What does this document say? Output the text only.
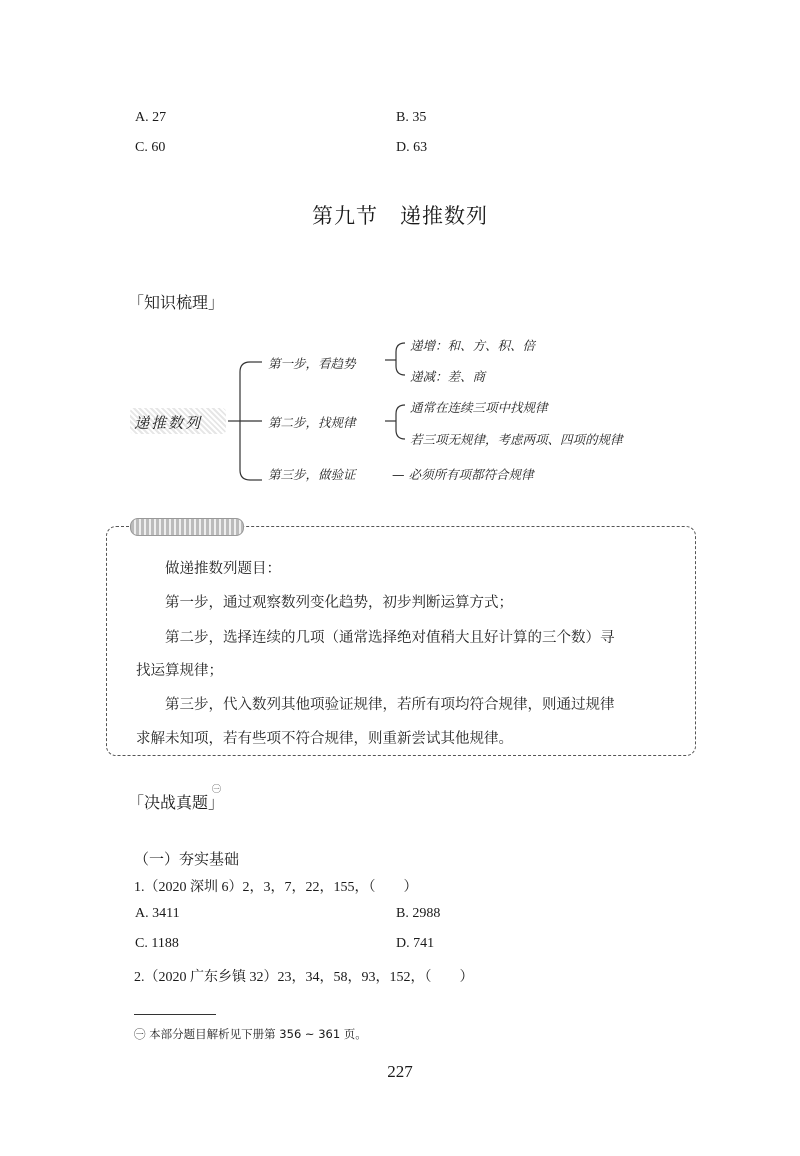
A. 27	B. 35
C. 60	D. 63
第九节　递推数列
「知识梳理」
递推数列
第一步，看趋势
递增：和、方、积、倍
递减：差、商
第二步，找规律
通常在连续三项中找规律
若三项无规律，考虑两项、四项的规律
第三步，做验证	— 必须所有项都符合规律
做递推数列题目：
第一步，通过观察数列变化趋势，初步判断运算方式；
第二步，选择连续的几项（通常选择绝对值稍大且好计算的三个数）寻
找运算规律；
第三步，代入数列其他项验证规律，若所有项均符合规律，则通过规律
求解未知项，若有些项不符合规律，则重新尝试其他规律。
「决战真题」
㊀
（一）夯实基础
1.（2020 深圳 6）2，3，7，22，155，（　　）
A. 3411	B. 2988
C. 1188	D. 741
2.（2020 广东乡镇 32）23，34，58，93，152，（　　）
㊀ 本部分题目解析见下册第 356 ~ 361 页。
227
